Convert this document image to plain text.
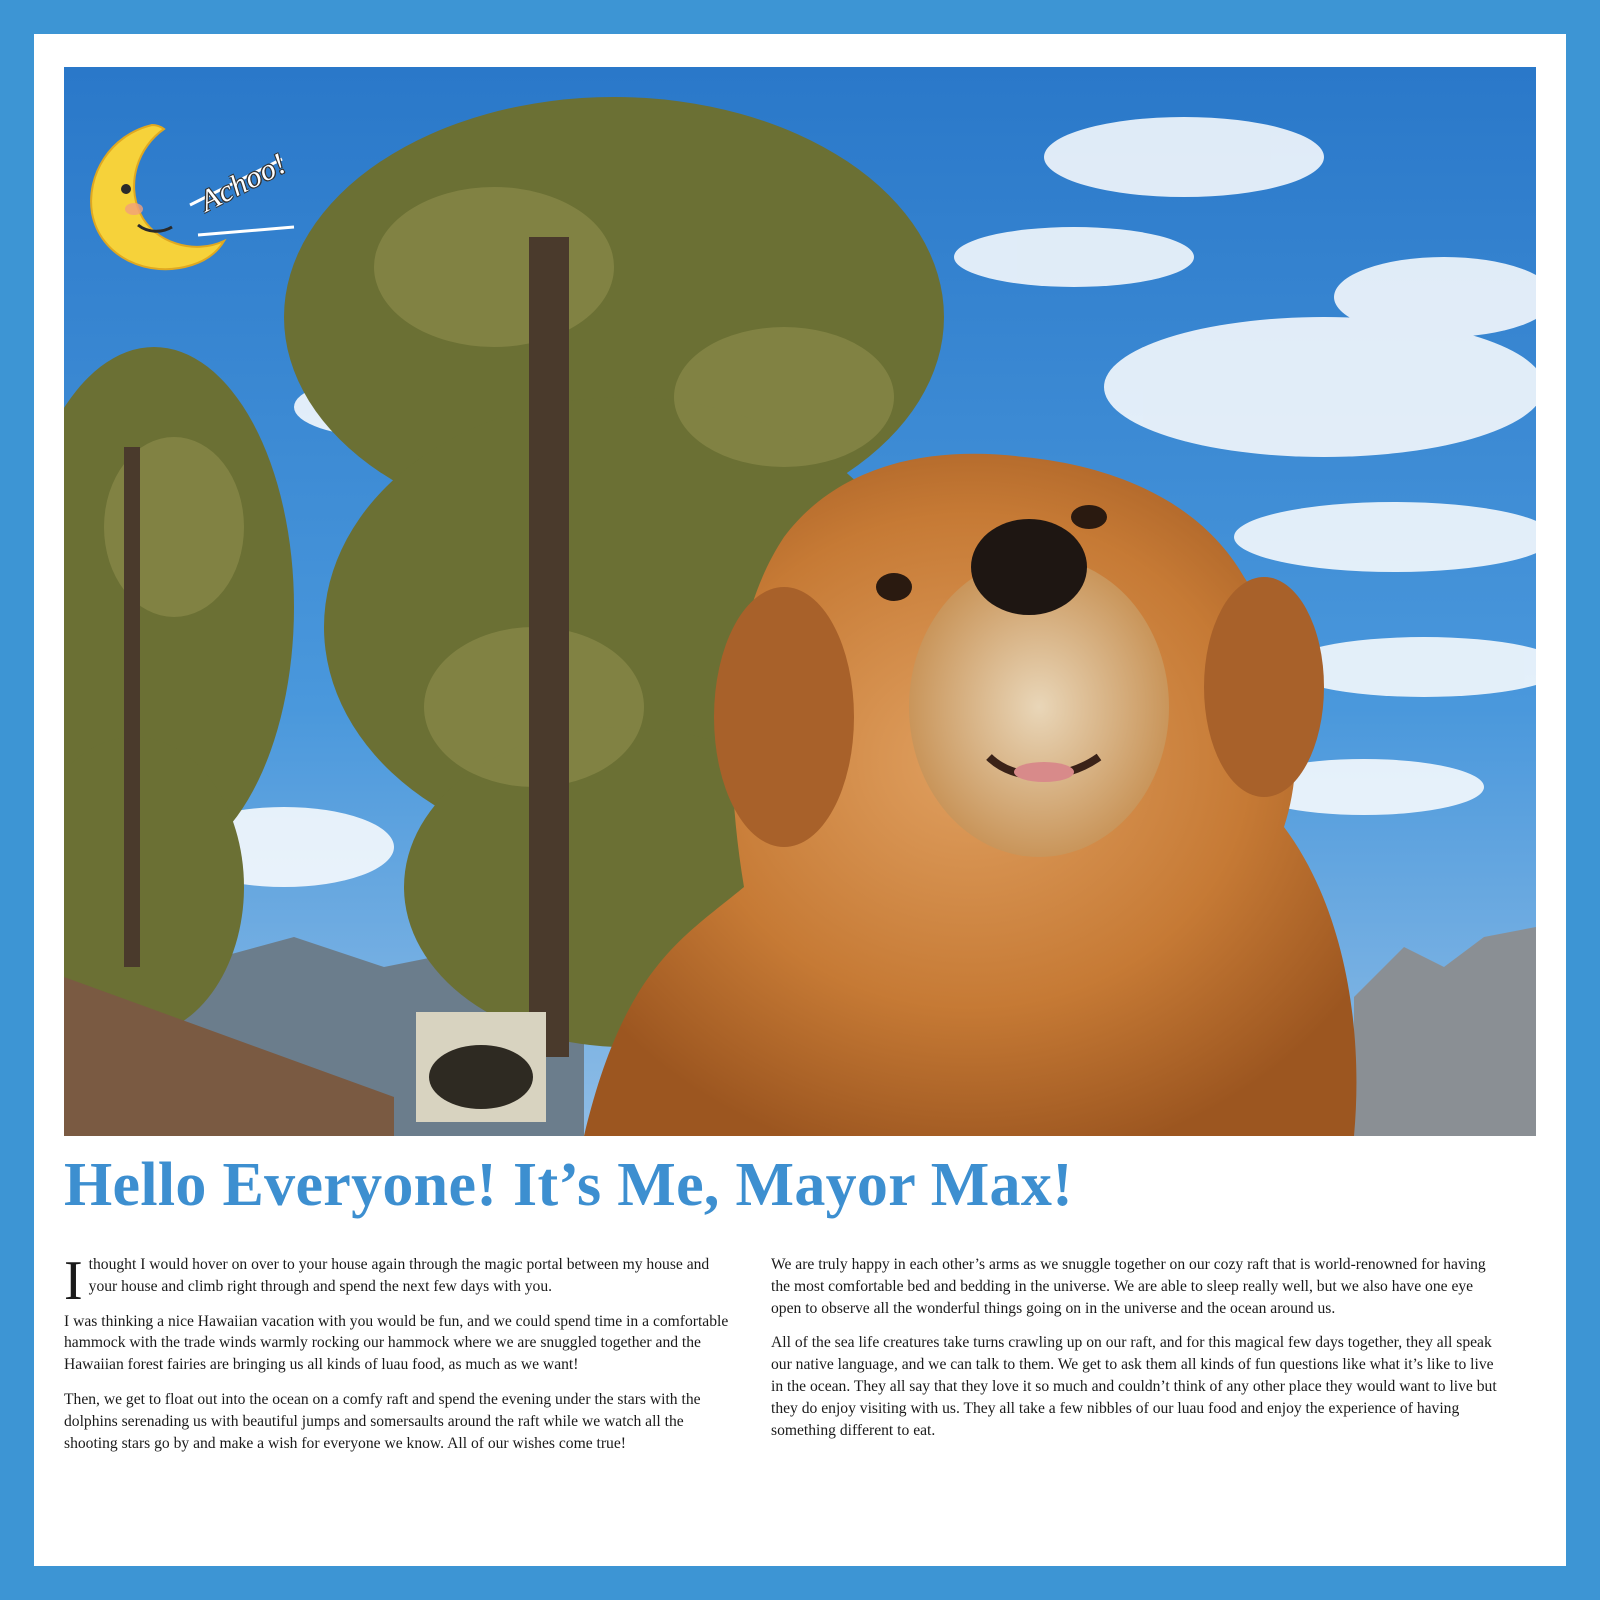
Achoo!
Hello Everyone! It’s Me, Mayor Max!

I thought I would hover on over to your house again through the magic portal between my house and your house and climb right through and spend the next few days with you.

I was thinking a nice Hawaiian vacation with you would be fun, and we could spend time in a comfortable hammock with the trade winds warmly rocking our hammock where we are snuggled together and the Hawaiian forest fairies are bringing us all kinds of luau food, as much as we want!

Then, we get to float out into the ocean on a comfy raft and spend the evening under the stars with the dolphins serenading us with beautiful jumps and somersaults around the raft while we watch all the shooting stars go by and make a wish for everyone we know. All of our wishes come true!

We are truly happy in each other’s arms as we snuggle together on our cozy raft that is world-renowned for having the most comfortable bed and bedding in the universe. We are able to sleep really well, but we also have one eye open to observe all the wonderful things going on in the universe and the ocean around us.

All of the sea life creatures take turns crawling up on our raft, and for this magical few days together, they all speak our native language, and we can talk to them. We get to ask them all kinds of fun questions like what it’s like to live in the ocean. They all say that they love it so much and couldn’t think of any other place they would want to live but they do enjoy visiting with us. They all take a few nibbles of our luau food and enjoy the experience of having something different to eat.
